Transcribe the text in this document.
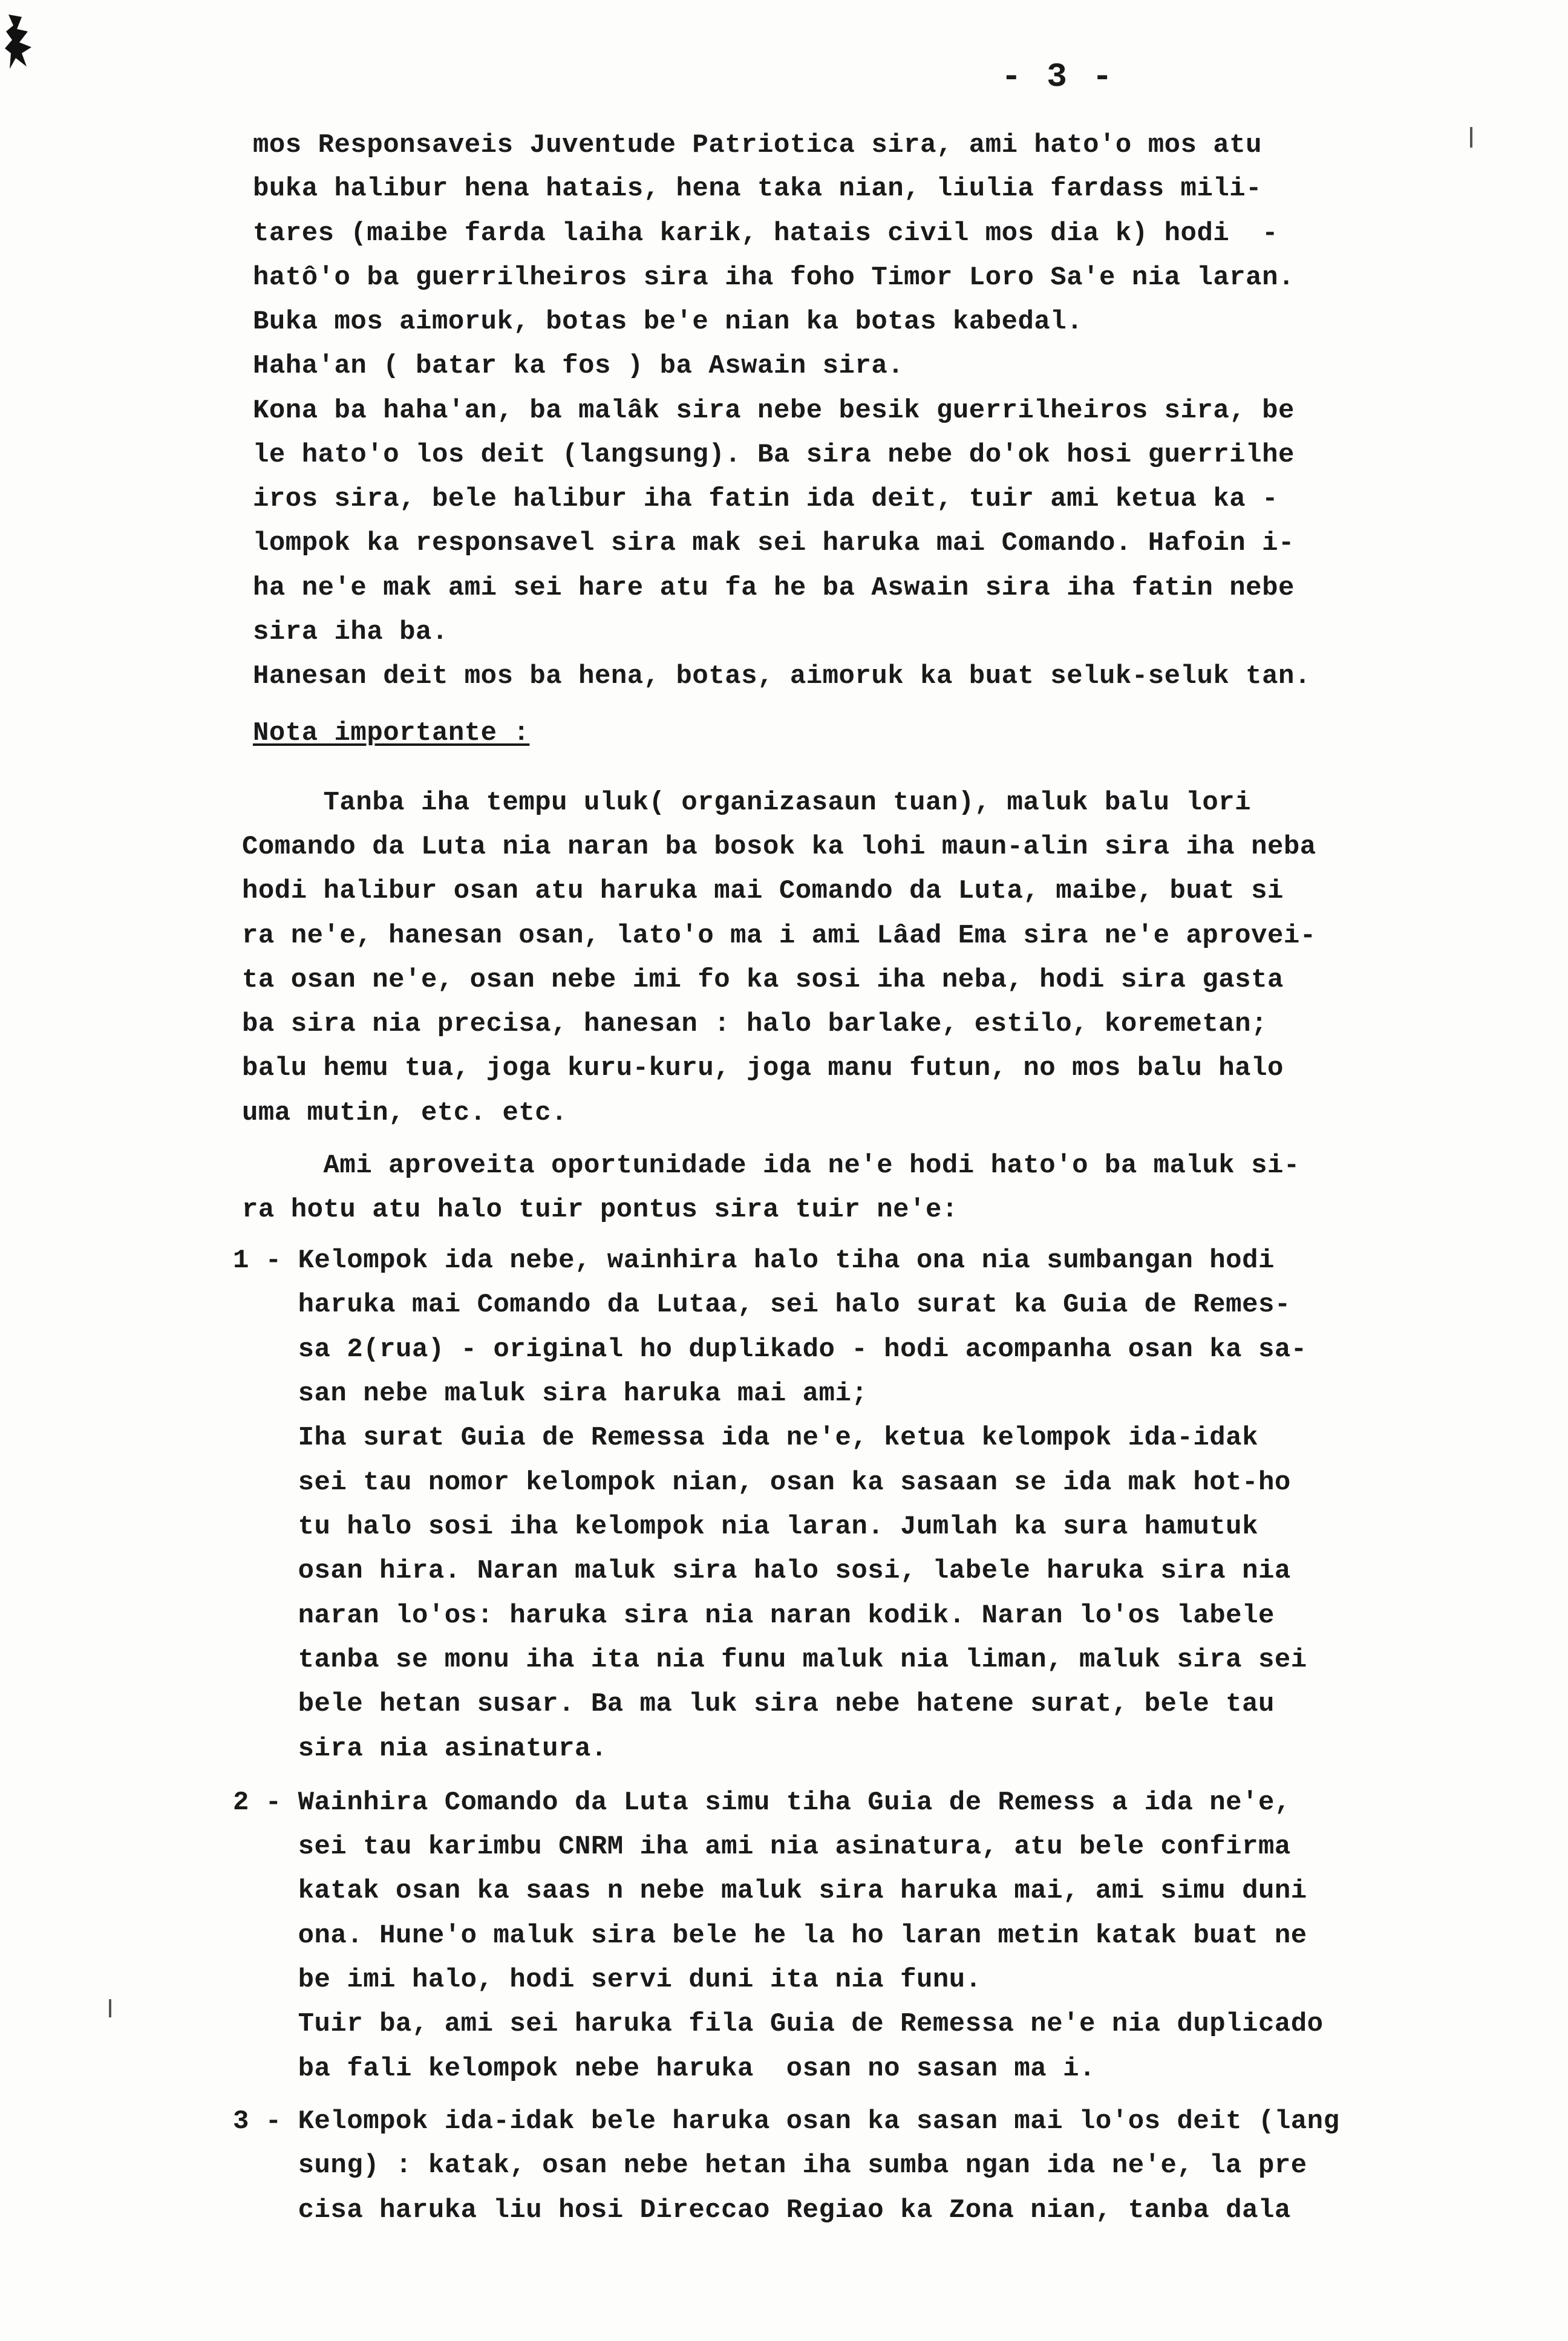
- 3 -
mos Responsaveis Juventude Patriotica sira, ami hato'o mos atu
buka halibur hena hatais, hena taka nian, liulia fardass mili-
tares (maibe farda laiha karik, hatais civil mos dia k) hodi  -
hatô'o ba guerrilheiros sira iha foho Timor Loro Sa'e nia laran.
Buka mos aimoruk, botas be'e nian ka botas kabedal.
Haha'an ( batar ka fos ) ba Aswain sira.
Kona ba haha'an, ba malâk sira nebe besik guerrilheiros sira, be
le hato'o los deit (langsung). Ba sira nebe do'ok hosi guerrilhe
iros sira, bele halibur iha fatin ida deit, tuir ami ketua ka -
lompok ka responsavel sira mak sei haruka mai Comando. Hafoin i-
ha ne'e mak ami sei hare atu fa he ba Aswain sira iha fatin nebe
sira iha ba.
Hanesan deit mos ba hena, botas, aimoruk ka buat seluk-seluk tan.
Nota importante :
Tanba iha tempu uluk( organizasaun tuan), maluk balu lori
Comando da Luta nia naran ba bosok ka lohi maun-alin sira iha neba
hodi halibur osan atu haruka mai Comando da Luta, maibe, buat si
ra ne'e, hanesan osan, lato'o ma i ami Lâad Ema sira ne'e aprovei-
ta osan ne'e, osan nebe imi fo ka sosi iha neba, hodi sira gasta
ba sira nia precisa, hanesan : halo barlake, estilo, koremetan;
balu hemu tua, joga kuru-kuru, joga manu futun, no mos balu halo
uma mutin, etc. etc.
Ami aproveita oportunidade ida ne'e hodi hato'o ba maluk si-
ra hotu atu halo tuir pontus sira tuir ne'e:
1 - Kelompok ida nebe, wainhira halo tiha ona nia sumbangan hodi
haruka mai Comando da Lutaa, sei halo surat ka Guia de Remes-
sa 2(rua) - original ho duplikado - hodi acompanha osan ka sa-
san nebe maluk sira haruka mai ami;
Iha surat Guia de Remessa ida ne'e, ketua kelompok ida-idak
sei tau nomor kelompok nian, osan ka sasaan se ida mak hot-ho
tu halo sosi iha kelompok nia laran. Jumlah ka sura hamutuk
osan hira. Naran maluk sira halo sosi, labele haruka sira nia
naran lo'os: haruka sira nia naran kodik. Naran lo'os labele
tanba se monu iha ita nia funu maluk nia liman, maluk sira sei
bele hetan susar. Ba ma luk sira nebe hatene surat, bele tau
sira nia asinatura.
2 - Wainhira Comando da Luta simu tiha Guia de Remess a ida ne'e,
sei tau karimbu CNRM iha ami nia asinatura, atu bele confirma
katak osan ka saas n nebe maluk sira haruka mai, ami simu duni
ona. Hune'o maluk sira bele he la ho laran metin katak buat ne
be imi halo, hodi servi duni ita nia funu.
Tuir ba, ami sei haruka fila Guia de Remessa ne'e nia duplicado
ba fali kelompok nebe haruka  osan no sasan ma i.
3 - Kelompok ida-idak bele haruka osan ka sasan mai lo'os deit (lang
sung) : katak, osan nebe hetan iha sumba ngan ida ne'e, la pre
cisa haruka liu hosi Direccao Regiao ka Zona nian, tanba dala
